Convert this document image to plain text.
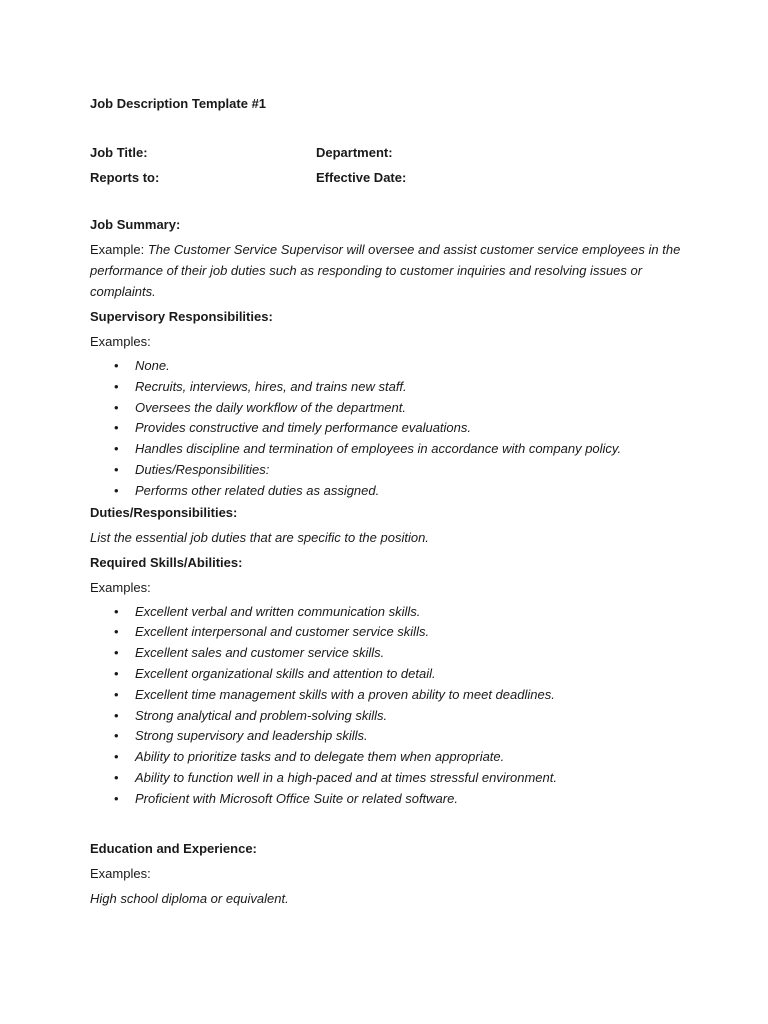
Job Description Template #1
Job Title:	Department:
Reports to:	Effective Date:
Job Summary:
Example: The Customer Service Supervisor will oversee and assist customer service employees in the performance of their job duties such as responding to customer inquiries and resolving issues or complaints.
Supervisory Responsibilities:
Examples:
• None.
• Recruits, interviews, hires, and trains new staff.
• Oversees the daily workflow of the department.
• Provides constructive and timely performance evaluations.
• Handles discipline and termination of employees in accordance with company policy.
• Duties/Responsibilities:
• Performs other related duties as assigned.
Duties/Responsibilities:
List the essential job duties that are specific to the position.
Required Skills/Abilities:
Examples:
• Excellent verbal and written communication skills.
• Excellent interpersonal and customer service skills.
• Excellent sales and customer service skills.
• Excellent organizational skills and attention to detail.
• Excellent time management skills with a proven ability to meet deadlines.
• Strong analytical and problem-solving skills.
• Strong supervisory and leadership skills.
• Ability to prioritize tasks and to delegate them when appropriate.
• Ability to function well in a high-paced and at times stressful environment.
• Proficient with Microsoft Office Suite or related software.
Education and Experience:
Examples:
High school diploma or equivalent.
